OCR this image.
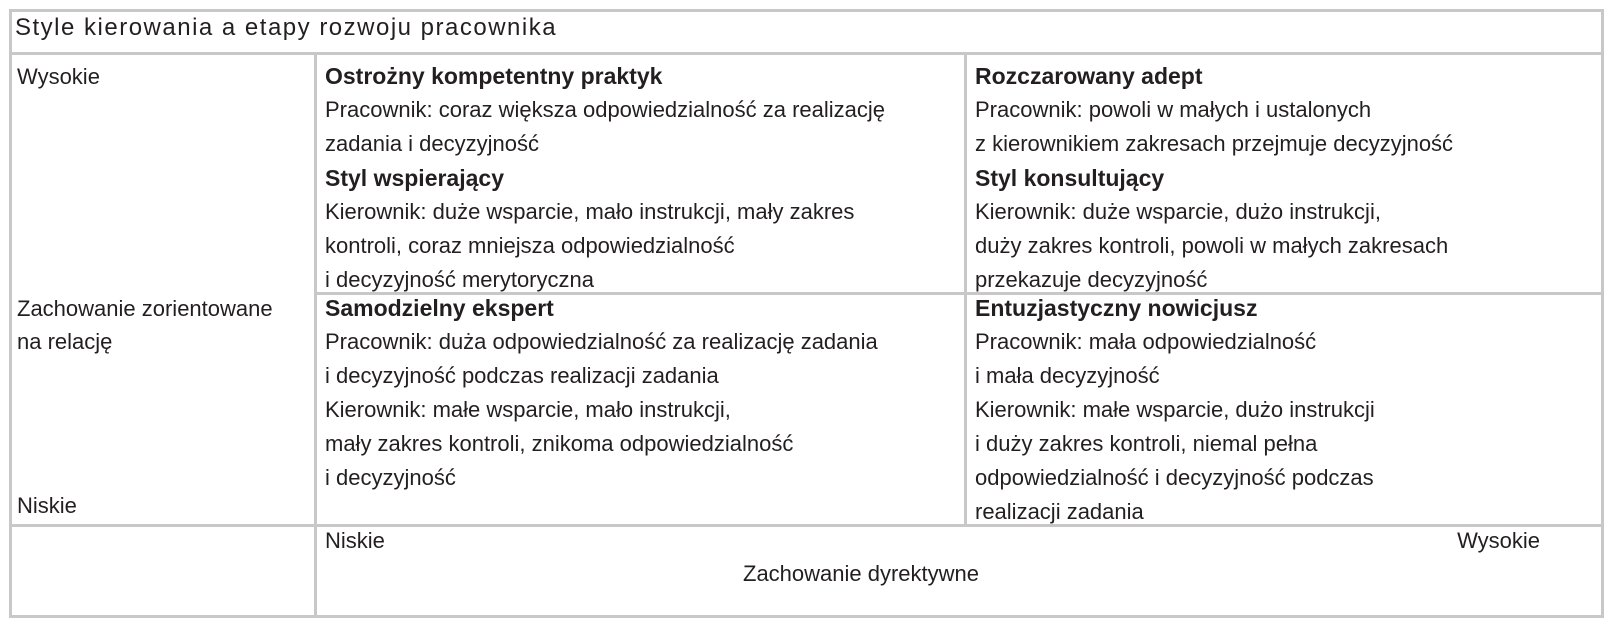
Style kierowania a etapy rozwoju pracownika
Wysokie
Zachowanie zorientowane
na relację
Niskie
Ostrożny kompetentny praktyk
Pracownik: coraz większa odpowiedzialność za realizację
zadania i decyzyjność
Styl wspierający
Kierownik: duże wsparcie, mało instrukcji, mały zakres
kontroli, coraz mniejsza odpowiedzialność
i decyzyjność merytoryczna
Rozczarowany adept
Pracownik: powoli w małych i ustalonych
z kierownikiem zakresach przejmuje decyzyjność
Styl konsultujący
Kierownik: duże wsparcie, dużo instrukcji,
duży zakres kontroli, powoli w małych zakresach
przekazuje decyzyjność
Samodzielny ekspert
Pracownik: duża odpowiedzialność za realizację zadania
i decyzyjność podczas realizacji zadania
Kierownik: małe wsparcie, mało instrukcji,
mały zakres kontroli, znikoma odpowiedzialność
i decyzyjność
Entuzjastyczny nowicjusz
Pracownik: mała odpowiedzialność
i mała decyzyjność
Kierownik: małe wsparcie, dużo instrukcji
i duży zakres kontroli, niemal pełna
odpowiedzialność i decyzyjność podczas
realizacji zadania
Niskie	Wysokie
Zachowanie dyrektywne
